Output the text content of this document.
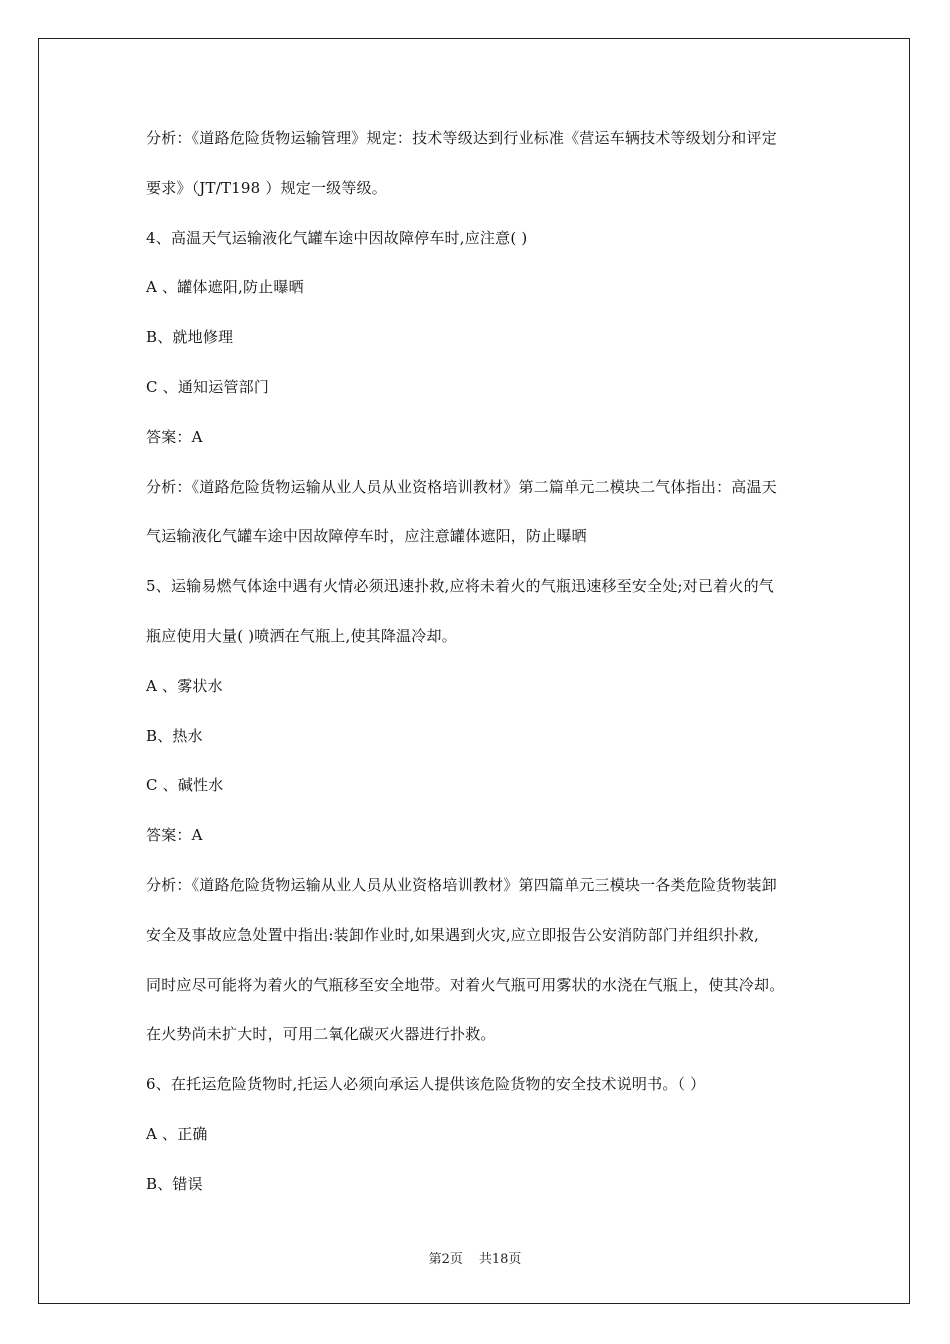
分析：《道路危险货物运输管理》规定：技术等级达到行业标准《营运车辆技术等级划分和评定
要求》（JT/T198 ）规定一级等级。
4、高温天气运输液化气罐车途中因故障停车时,应注意( )
A 、罐体遮阳,防止曝晒
B、就地修理
C 、通知运管部门
答案：A
分析：《道路危险货物运输从业人员从业资格培训教材》第二篇单元二模块二气体指出：高温天
气运输液化气罐车途中因故障停车时，应注意罐体遮阳，防止曝晒
5、运输易燃气体途中遇有火情必须迅速扑救,应将未着火的气瓶迅速移至安全处;对已着火的气
瓶应使用大量( )喷洒在气瓶上,使其降温冷却。
A 、雾状水
B、热水
C 、碱性水
答案：A
分析：《道路危险货物运输从业人员从业资格培训教材》第四篇单元三模块一各类危险货物装卸
安全及事故应急处置中指出:装卸作业时,如果遇到火灾,应立即报告公安消防部门并组织扑救,
同时应尽可能将为着火的气瓶移至安全地带。对着火气瓶可用雾状的水浇在气瓶上，使其冷却。
在火势尚未扩大时，可用二氧化碳灭火器进行扑救。
6、在托运危险货物时,托运人必须向承运人提供该危险货物的安全技术说明书。（ ）
A 、正确
B、错误
第2页 共18页
